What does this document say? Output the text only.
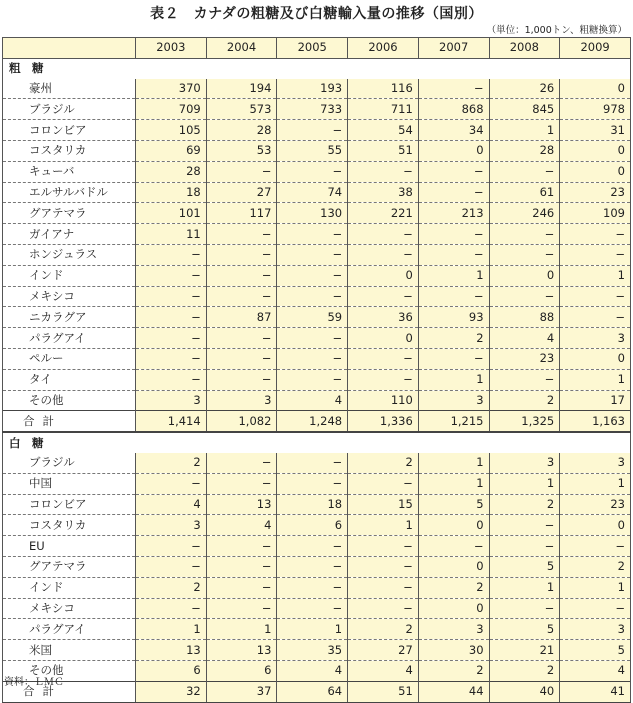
表２　カナダの粗糖及び白糖輸入量の推移（国別）
（単位：1,000トン、粗糖換算）
	2003	2004	2005	2006	2007	2008	2009
粗　糖							
豪州	370	194	193	116	−	26	0
ブラジル	709	573	733	711	868	845	978
コロンビア	105	28	−	54	34	1	31
コスタリカ	69	53	55	51	0	28	0
キューバ	28	−	−	−	−	−	0
エルサルバドル	18	27	74	38	−	61	23
グアテマラ	101	117	130	221	213	246	109
ガイアナ	11	−	−	−	−	−	−
ホンジュラス	−	−	−	−	−	−	−
インド	−	−	−	0	1	0	1
メキシコ	−	−	−	−	−	−	−
ニカラグア	−	87	59	36	93	88	−
パラグアイ	−	−	−	0	2	4	3
ペルー	−	−	−	−	−	23	0
タイ	−	−	−	−	1	−	1
その他	3	3	4	110	3	2	17
合計	1,414	1,082	1,248	1,336	1,215	1,325	1,163
白　糖							
ブラジル	2	−	−	2	1	3	3
中国	−	−	−	−	1	1	1
コロンビア	4	13	18	15	5	2	23
コスタリカ	3	4	6	1	0	−	0
EU	−	−	−	−	−	−	−
グアテマラ	−	−	−	−	0	5	2
インド	2	−	−	−	2	1	1
メキシコ	−	−	−	−	0	−	−
パラグアイ	1	1	1	2	3	5	3
米国	13	13	35	27	30	21	5
その他	6	6	4	4	2	2	4
合計	32	37	64	51	44	40	41
資料：ＬＭＣ
